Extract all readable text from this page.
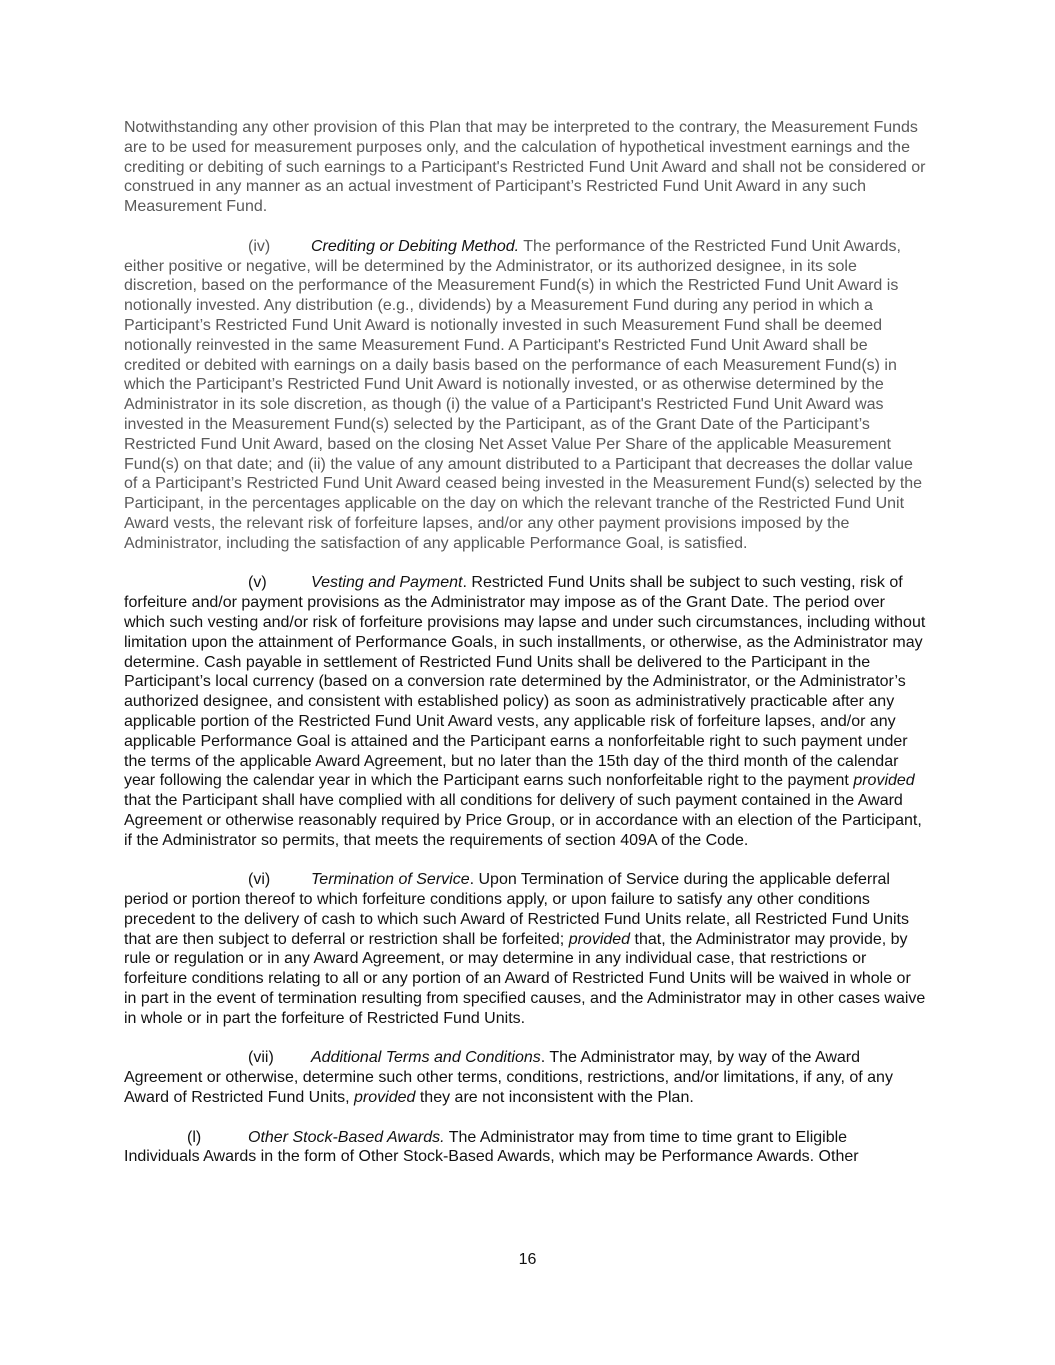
Notwithstanding any other provision of this Plan that may be interpreted to the contrary, the Measurement Funds are to be used for measurement purposes only, and the calculation of hypothetical investment earnings and the crediting or debiting of such earnings to a Participant's Restricted Fund Unit Award and shall not be considered or construed in any manner as an actual investment of Participant’s Restricted Fund Unit Award in any such Measurement Fund.

(iv)	Crediting or Debiting Method. The performance of the Restricted Fund Unit Awards, either positive or negative, will be determined by the Administrator, or its authorized designee, in its sole discretion, based on the performance of the Measurement Fund(s) in which the Restricted Fund Unit Award is notionally invested. Any distribution (e.g., dividends) by a Measurement Fund during any period in which a Participant’s Restricted Fund Unit Award is notionally invested in such Measurement Fund shall be deemed notionally reinvested in the same Measurement Fund. A Participant's Restricted Fund Unit Award shall be credited or debited with earnings on a daily basis based on the performance of each Measurement Fund(s) in which the Participant’s Restricted Fund Unit Award is notionally invested, or as otherwise determined by the Administrator in its sole discretion, as though (i) the value of a Participant's Restricted Fund Unit Award was invested in the Measurement Fund(s) selected by the Participant, as of the Grant Date of the Participant’s Restricted Fund Unit Award, based on the closing Net Asset Value Per Share of the applicable Measurement Fund(s) on that date; and (ii) the value of any amount distributed to a Participant that decreases the dollar value of a Participant’s Restricted Fund Unit Award ceased being invested in the Measurement Fund(s) selected by the Participant, in the percentages applicable on the day on which the relevant tranche of the Restricted Fund Unit Award vests, the relevant risk of forfeiture lapses, and/or any other payment provisions imposed by the Administrator, including the satisfaction of any applicable Performance Goal, is satisfied.

(v)	Vesting and Payment. Restricted Fund Units shall be subject to such vesting, risk of forfeiture and/or payment provisions as the Administrator may impose as of the Grant Date. The period over which such vesting and/or risk of forfeiture provisions may lapse and under such circumstances, including without limitation upon the attainment of Performance Goals, in such installments, or otherwise, as the Administrator may determine. Cash payable in settlement of Restricted Fund Units shall be delivered to the Participant in the Participant’s local currency (based on a conversion rate determined by the Administrator, or the Administrator’s authorized designee, and consistent with established policy) as soon as administratively practicable after any applicable portion of the Restricted Fund Unit Award vests, any applicable risk of forfeiture lapses, and/or any applicable Performance Goal is attained and the Participant earns a nonforfeitable right to such payment under the terms of the applicable Award Agreement, but no later than the 15th day of the third month of the calendar year following the calendar year in which the Participant earns such nonforfeitable right to the payment provided that the Participant shall have complied with all conditions for delivery of such payment contained in the Award Agreement or otherwise reasonably required by Price Group, or in accordance with an election of the Participant, if the Administrator so permits, that meets the requirements of section 409A of the Code.

(vi)	Termination of Service. Upon Termination of Service during the applicable deferral period or portion thereof to which forfeiture conditions apply, or upon failure to satisfy any other conditions precedent to the delivery of cash to which such Award of Restricted Fund Units relate, all Restricted Fund Units that are then subject to deferral or restriction shall be forfeited; provided that, the Administrator may provide, by rule or regulation or in any Award Agreement, or may determine in any individual case, that restrictions or forfeiture conditions relating to all or any portion of an Award of Restricted Fund Units will be waived in whole or in part in the event of termination resulting from specified causes, and the Administrator may in other cases waive in whole or in part the forfeiture of Restricted Fund Units.

(vii) Additional Terms and Conditions. The Administrator may, by way of the Award Agreement or otherwise, determine such other terms, conditions, restrictions, and/or limitations, if any, of any Award of Restricted Fund Units, provided they are not inconsistent with the Plan.

(l)	Other Stock-Based Awards. The Administrator may from time to time grant to Eligible Individuals Awards in the form of Other Stock-Based Awards, which may be Performance Awards. Other

16
